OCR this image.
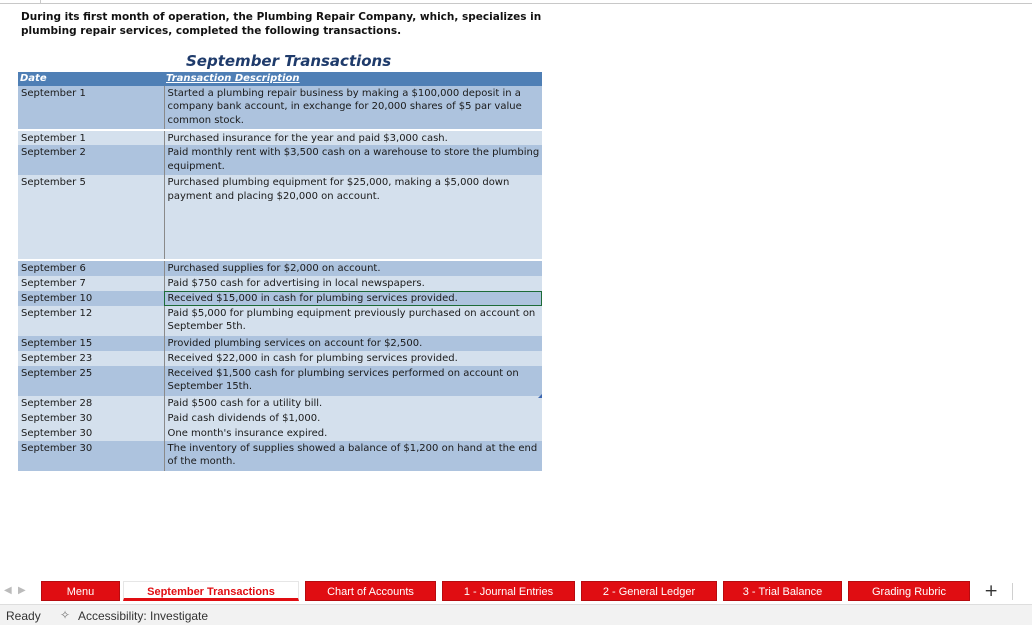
During its first month of operation, the Plumbing Repair Company, which, specializes in plumbing repair services, completed the following transactions.
September Transactions
Date	Transaction Description
September 1	Started a plumbing repair business by making a $100,000 deposit in a company bank account, in exchange for 20,000 shares of $5 par value common stock.
September 1	Purchased insurance for the year and paid $3,000 cash.
September 2	Paid monthly rent with $3,500 cash on a warehouse to store the plumbing equipment.
September 5	Purchased plumbing equipment for $25,000, making a $5,000 down payment and placing $20,000 on account.
September 6	Purchased supplies for $2,000 on account.
September 7	Paid $750 cash for advertising in local newspapers.
September 10	Received $15,000 in cash for plumbing services provided.
September 12	Paid $5,000 for plumbing equipment previously purchased on account on September 5th.
September 15	Provided plumbing services on account for $2,500.
September 23	Received $22,000 in cash for plumbing services provided.
September 25	Received $1,500 cash for plumbing services performed on account on September 15th.
September 28	Paid $500 cash for a utility bill.
September 30	Paid cash dividends of $1,000.
September 30	One month's insurance expired.
September 30	The inventory of supplies showed a balance of $1,200 on hand at the end of the month.
◀ ▶	Menu	September Transactions	Chart of Accounts	1 - Journal Entries	2 - General Ledger	3 - Trial Balance	Grading Rubric	+
Ready ✧ Accessibility: Investigate
